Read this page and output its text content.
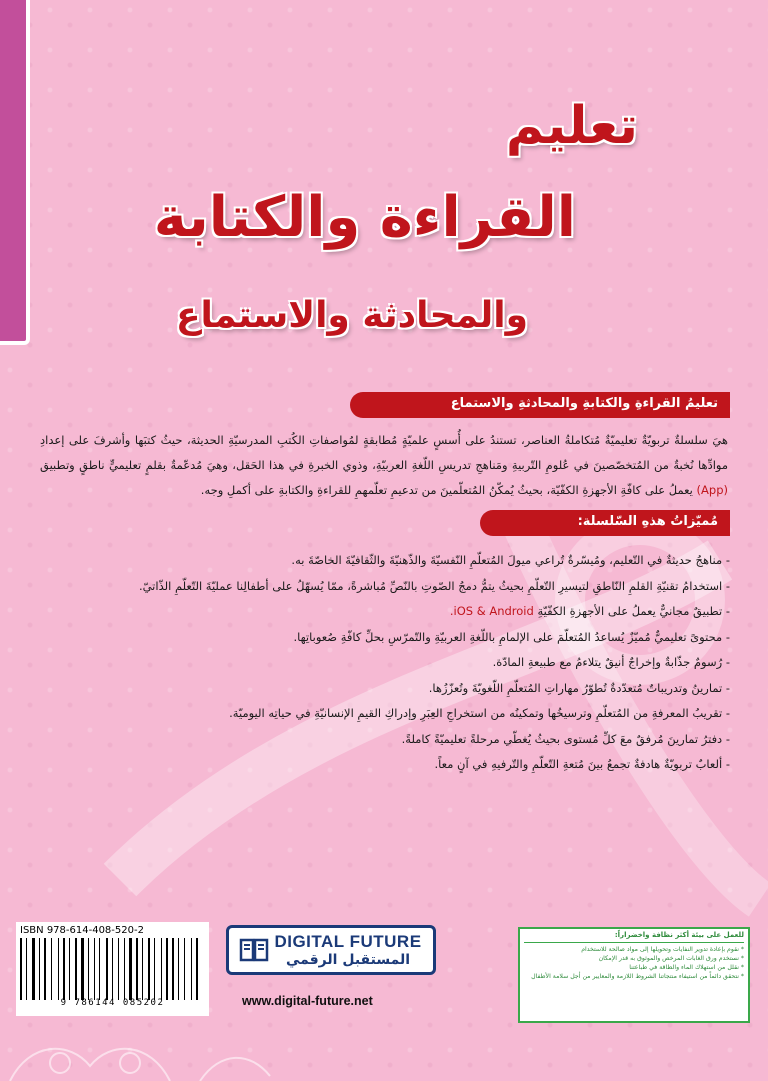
تعليم
القراءة والكتابة
والمحادثة والاستماع
تعليمُ القراءةِ والكتابةِ والمحادثةِ والاستماع

هيَ سلسلةٌ تربويّةٌ تعليميّةٌ مُتكاملةُ العناصر، تستندُ على أُسسٍ علميّةٍ مُطابقةٍ لمُواصفاتِ الكُتبِ المدرسيّةِ الحديثة، حيثُ كتبَها وأشرفَ على إعدادِ موادِّها نُخبةٌ من المُتخصّصينَ في عُلومِ التّربيةِ ومَناهجِ تدريسِ اللّغةِ العربيّةِ، وذوي الخبرةِ في هذا الحَقل، وهيَ مُدعّمةٌ بقلمٍ تعليميٍّ ناطقٍ وتطبيق (App) يعملُ على كافّةِ الأجهزةِ الكفّيّة، بحيثُ يُمكّنُ المُتعلّمينَ من تدعيمِ تعلّمهمِ للقراءةِ والكتابةِ على أكملِ وجه.

مُميّزاتُ هذهِ السّلسلة:
- مناهجُ حديثةٌ في التّعليم، ومُيسّرةٌ تُراعي ميولَ المُتعلّمِ النّفسيّةَ والذّهنيّةَ والثّقافيّةَ الخاصّةَ به.
- استخدامُ تقنيّةِ القلمِ النّاطقِ لتيسيرِ التّعلّمِ بحيثُ يتمُّ دمجُ الصّوتِ بالنّصِّ مُباشرةً، ممّا يُسهّلُ على أطفالِنا عمليّةَ التّعلّمِ الذّاتيّ.
- تطبيقٌ مجانيٌّ يعملُ على الأجهزةِ الكفّيّةِ iOS & Android.
- محتوىً تعليميٌّ مُميّزٌ يُساعدُ المُتعلّمَ على الإلمامِ باللّغةِ العربيّةِ والتّمرّسِ بحلِّ كافّةِ صُعوباتِها.
- رُسومٌ جذّابةٌ وإخراجٌ أنيقٌ يتلاءمُ مع طبيعةِ المادّة.
- تمارينُ وتدريباتٌ مُتعدّدةٌ تُطوّرُ مهاراتِ المُتعلّمِ اللّغويّةَ وتُعزّزُها.
- تقريبُ المعرفةِ من المُتعلّمِ وترسيخُها وتمكينُه من استخراجِ العِبَرِ وإدراكِ القيمِ الإنسانيّةِ في حياتِه اليوميّة.
- دفترُ تمارينَ مُرفقٌ معَ كلِّ مُستوى بحيثُ يُغطّي مرحلةً تعليميّةً كاملةً.
- ألعابٌ تربويّةٌ هادفةٌ تجمعُ بينَ مُتعةِ التّعلّمِ والتّرفيهِ في آنٍ معاً.
ISBN 978-614-408-520-2
9 786144 085202
DIGITAL FUTURE
المستقبل الرقمي
www.digital-future.net
للعمل على بيئة أكثر نظافة واخضراراً:
* نقوم بإعادة تدوير النفايات وتحويلها إلى مواد صالحة للاستخدام
* نستخدم ورق الغابات المرخص والموثوق به قدر الإمكان
* نقلل من استهلاك الماء والطاقة في طباعتنا
* نتحقق دائماً من استيفاء منتجاتنا الشروط اللازمة والمعايير من أجل سلامة الأطفال
